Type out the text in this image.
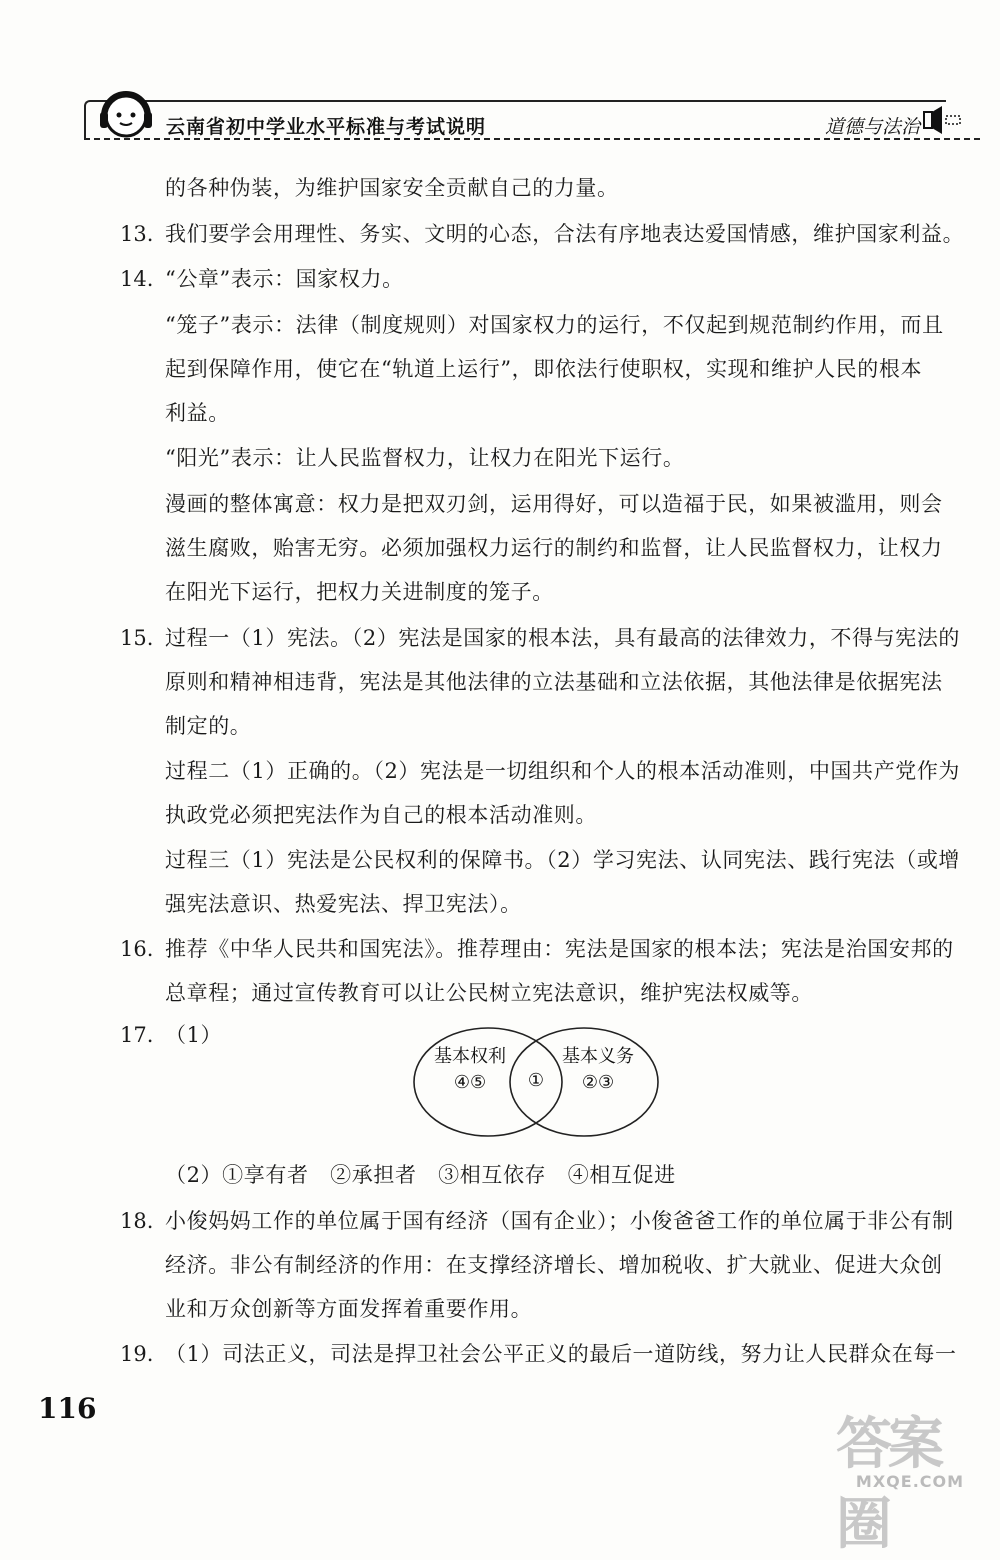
云南省初中学业水平标准与考试说明	道德与法治
的各种伪装，为维护国家安全贡献自己的力量。
13. 我们要学会用理性、务实、文明的心态，合法有序地表达爱国情感，维护国家利益。
14. “公章”表示：国家权力。
“笼子”表示：法律（制度规则）对国家权力的运行，不仅起到规范制约作用，而且
起到保障作用，使它在“轨道上运行”，即依法行使职权，实现和维护人民的根本
利益。
“阳光”表示：让人民监督权力，让权力在阳光下运行。
漫画的整体寓意：权力是把双刃剑，运用得好，可以造福于民，如果被滥用，则会
滋生腐败，贻害无穷。必须加强权力运行的制约和监督，让人民监督权力，让权力
在阳光下运行，把权力关进制度的笼子。
15. 过程一（1）宪法。（2）宪法是国家的根本法，具有最高的法律效力，不得与宪法的
原则和精神相违背，宪法是其他法律的立法基础和立法依据，其他法律是依据宪法
制定的。
过程二（1）正确的。（2）宪法是一切组织和个人的根本活动准则，中国共产党作为
执政党必须把宪法作为自己的根本活动准则。
过程三（1）宪法是公民权利的保障书。（2）学习宪法、认同宪法、践行宪法（或增
强宪法意识、热爱宪法、捍卫宪法）。
16. 推荐《中华人民共和国宪法》。推荐理由：宪法是国家的根本法；宪法是治国安邦的
总章程；通过宣传教育可以让公民树立宪法意识，维护宪法权威等。
17. （1）
（2）①享有者　②承担者　③相互依存　④相互促进
18. 小俊妈妈工作的单位属于国有经济（国有企业）；小俊爸爸工作的单位属于非公有制
经济。非公有制经济的作用：在支撑经济增长、增加税收、扩大就业、促进大众创
业和万众创新等方面发挥着重要作用。
19. （1）司法正义，司法是捍卫社会公平正义的最后一道防线，努力让人民群众在每一
基本权利
④⑤
基本义务
②③
①
116
答案圈
MXQE.COM
